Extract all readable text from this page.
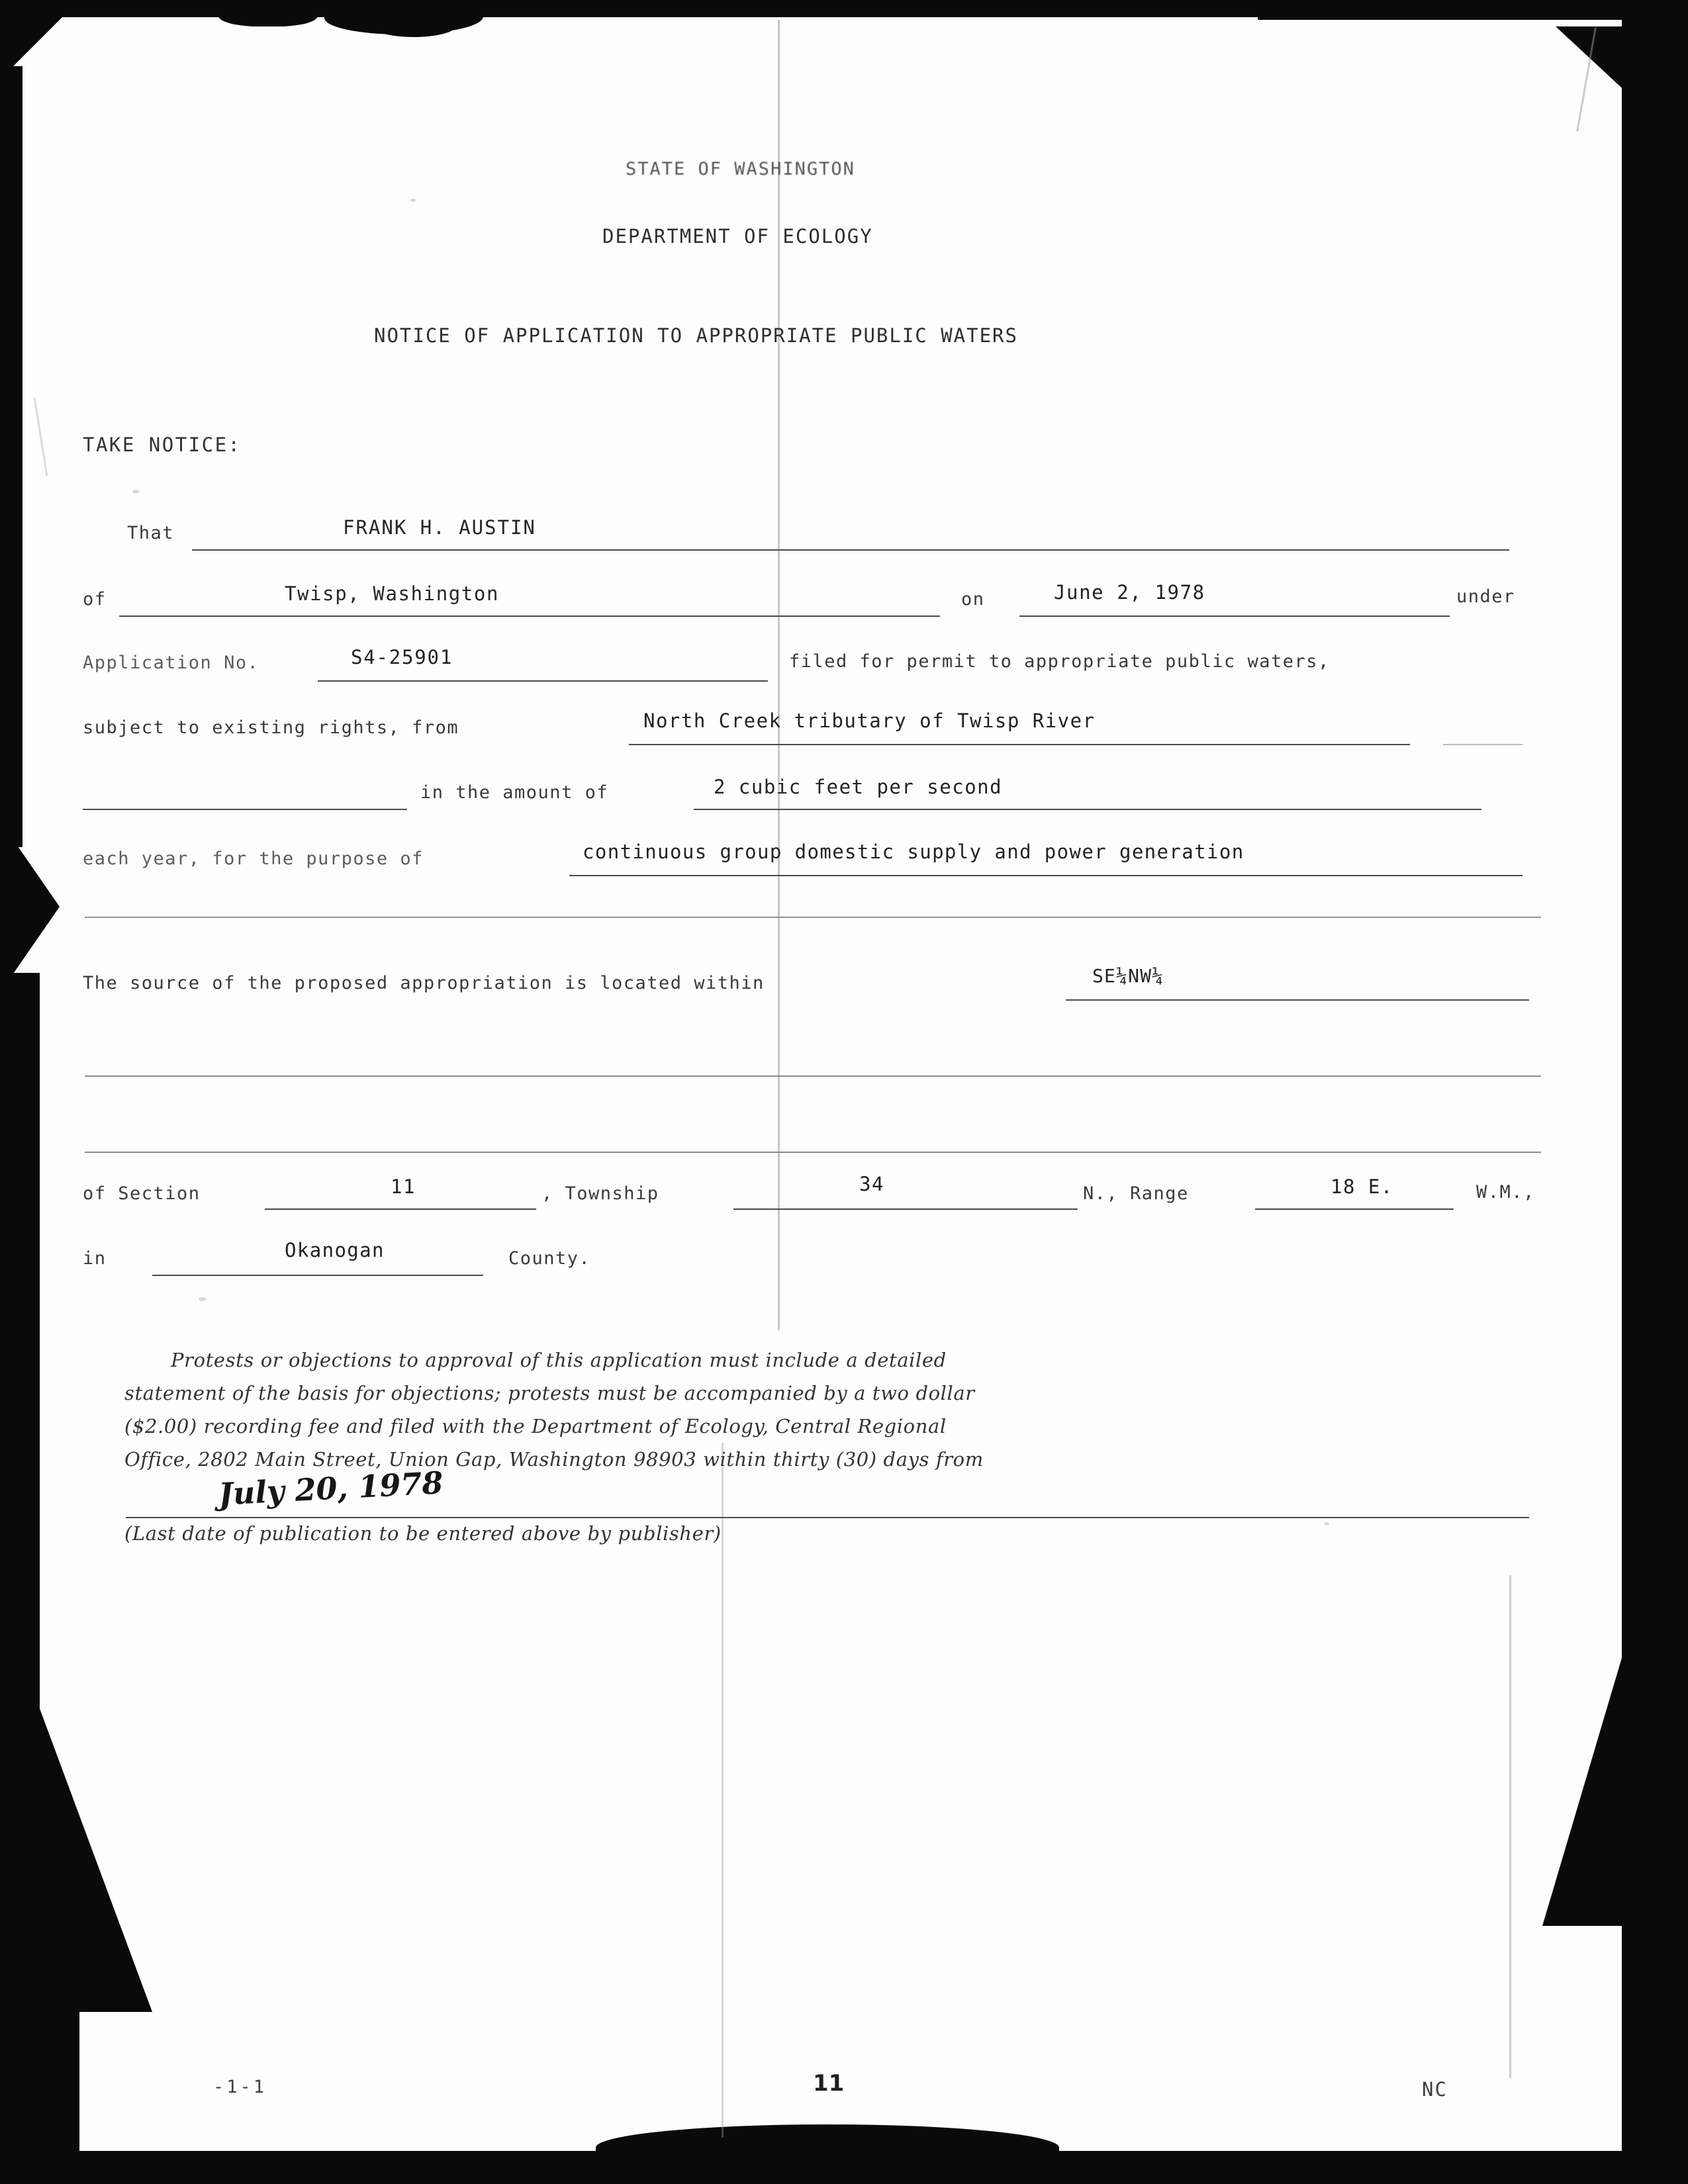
STATE OF WASHINGTON
DEPARTMENT OF ECOLOGY
NOTICE OF APPLICATION TO APPROPRIATE PUBLIC WATERS
TAKE NOTICE:
That	FRANK H. AUSTIN
of	Twisp, Washington	on	June 2, 1978	under
Application No.	S4-25901	filed for permit to appropriate public waters,
subject to existing rights, from	North Creek tributary of Twisp River
in the amount of	2 cubic feet per second
each year, for the purpose of	continuous group domestic supply and power generation
The source of the proposed appropriation is located within	SE¼NW¼
of Section	11	, Township	34	N., Range	18 E.	W.M.,
in	Okanogan	County.
Protests or objections to approval of this application must include a detailed
statement of the basis for objections; protests must be accompanied by a two dollar
($2.00) recording fee and filed with the Department of Ecology, Central Regional
Office, 2802 Main Street, Union Gap, Washington 98903 within thirty (30) days from
July 20, 1978
(Last date of publication to be entered above by publisher)
-1-1	11	NC
